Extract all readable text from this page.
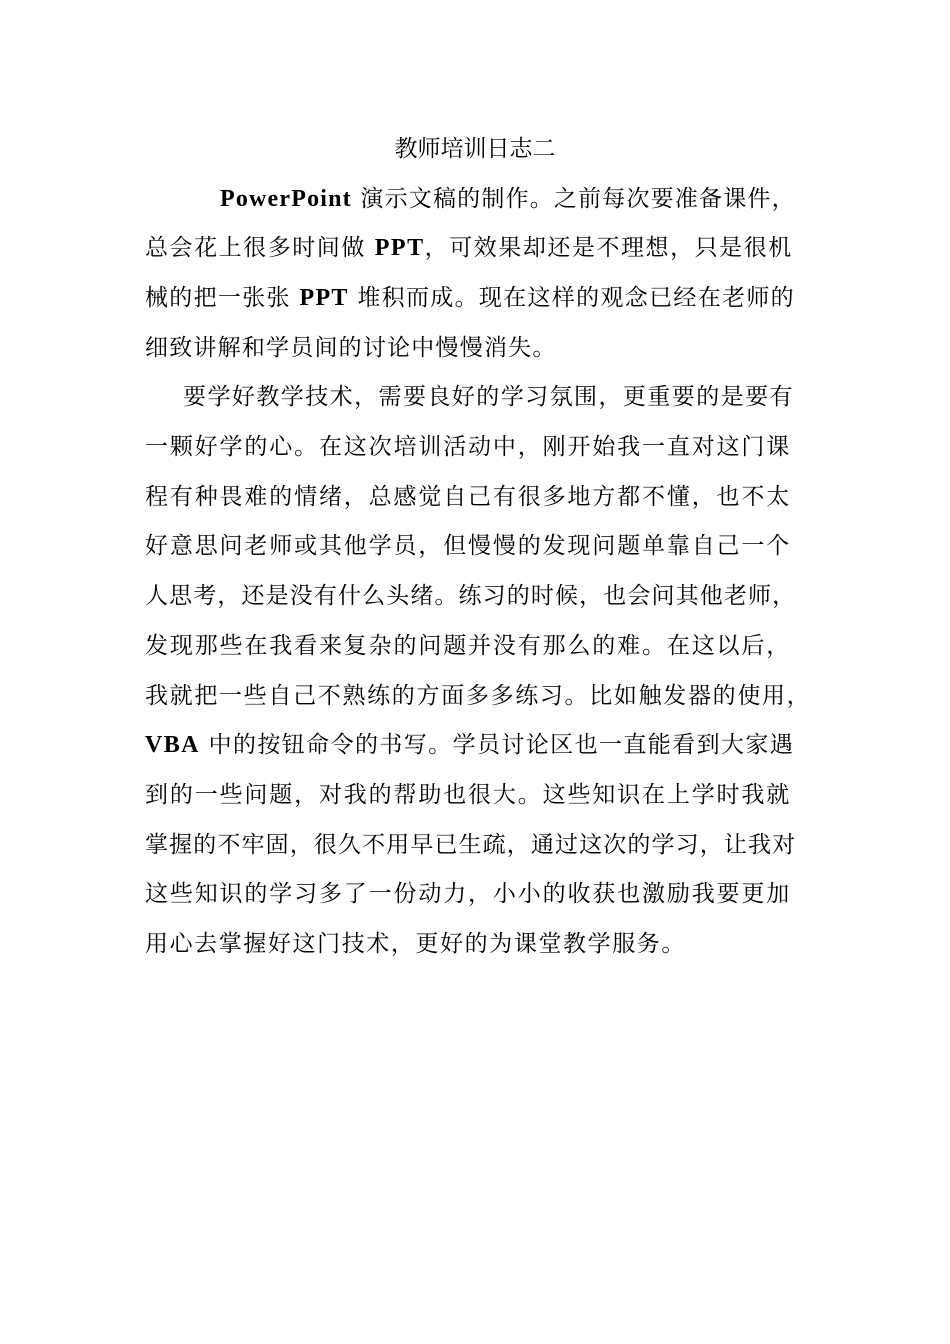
教师培训日志二
PowerPoint 演示文稿的制作。之前每次要准备课件，
总会花上很多时间做 PPT，可效果却还是不理想，只是很机
械的把一张张 PPT 堆积而成。现在这样的观念已经在老师的
细致讲解和学员间的讨论中慢慢消失。
要学好教学技术，需要良好的学习氛围，更重要的是要有
一颗好学的心。在这次培训活动中，刚开始我一直对这门课
程有种畏难的情绪，总感觉自己有很多地方都不懂，也不太
好意思问老师或其他学员，但慢慢的发现问题单靠自己一个
人思考，还是没有什么头绪。练习的时候，也会问其他老师，
发现那些在我看来复杂的问题并没有那么的难。在这以后，
我就把一些自己不熟练的方面多多练习。比如触发器的使用，
VBA 中的按钮命令的书写。学员讨论区也一直能看到大家遇
到的一些问题，对我的帮助也很大。这些知识在上学时我就
掌握的不牢固，很久不用早已生疏，通过这次的学习，让我对
这些知识的学习多了一份动力，小小的收获也激励我要更加
用心去掌握好这门技术，更好的为课堂教学服务。
